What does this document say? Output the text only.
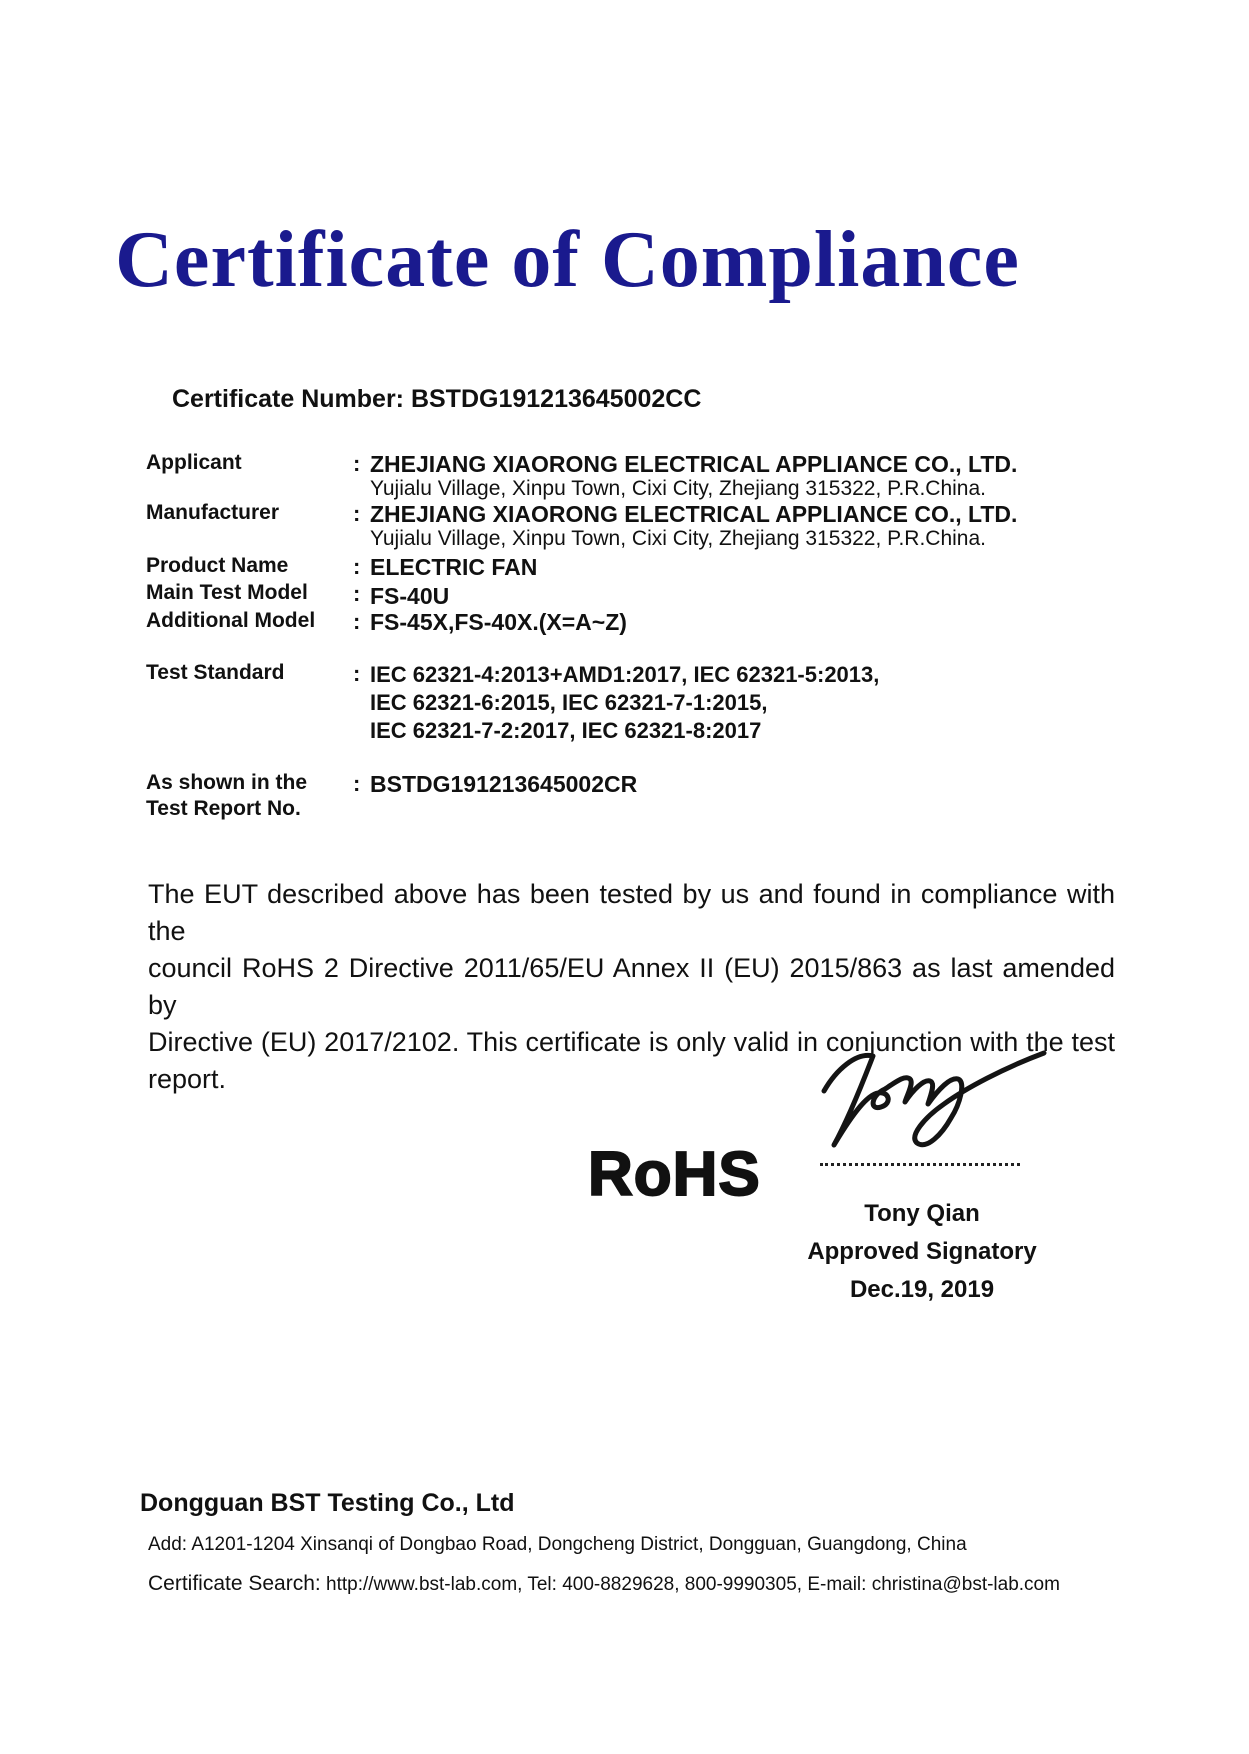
Certificate of Compliance
Certificate Number: BSTDG191213645002CC
Applicant	: ZHEJIANG XIAORONG ELECTRICAL APPLIANCE CO., LTD.
Yujialu Village, Xinpu Town, Cixi City, Zhejiang 315322, P.R.China.
Manufacturer	: ZHEJIANG XIAORONG ELECTRICAL APPLIANCE CO., LTD.
Yujialu Village, Xinpu Town, Cixi City, Zhejiang 315322, P.R.China.
Product Name	: ELECTRIC FAN
Main Test Model : FS-40U
Additional Model : FS-45X,FS-40X.(X=A~Z)
Test Standard	: IEC 62321-4:2013+AMD1:2017, IEC 62321-5:2013,
IEC 62321-6:2015, IEC 62321-7-1:2015,
IEC 62321-7-2:2017, IEC 62321-8:2017
As shown in the
Test Report No.
: BSTDG191213645002CR
The EUT described above has been tested by us and found in compliance with the
council RoHS 2 Directive 2011/65/EU Annex II (EU) 2015/863 as last amended by
Directive (EU) 2017/2102. This certificate is only valid in conjunction with the test
report.
RoHS
Tony Qian
Approved Signatory
Dec.19, 2019
Dongguan BST Testing Co., Ltd
Add: A1201-1204 Xinsanqi of Dongbao Road, Dongcheng District, Dongguan, Guangdong, China
Certificate Search: http://www.bst-lab.com, Tel: 400-8829628, 800-9990305, E-mail: christina@bst-lab.com
